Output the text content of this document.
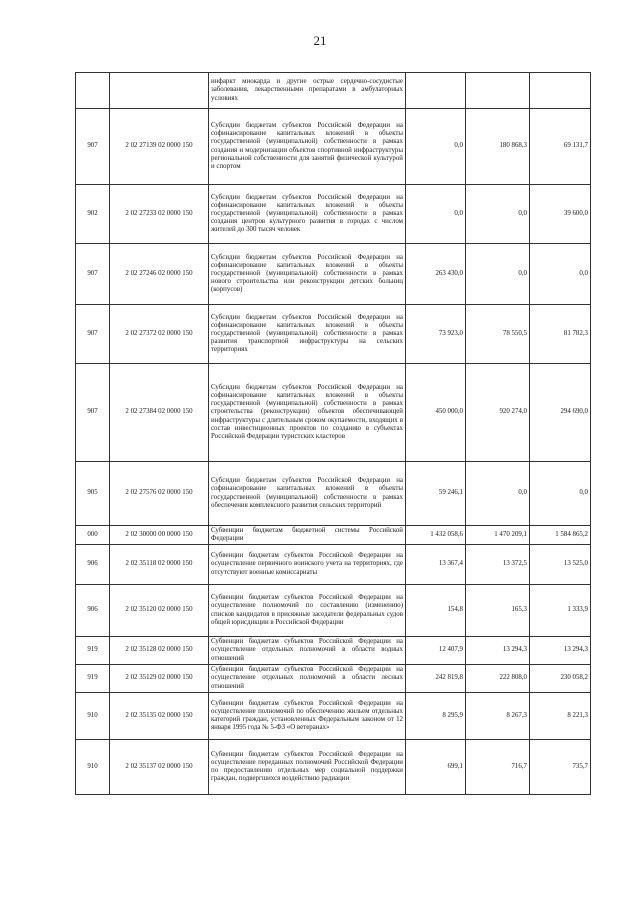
21
		инфаркт миокарда и другие острые сердечно-сосудистые заболевания, лекарственными препаратами в амбулаторных условиях			
907	2 02 27139 02 0000 150	Субсидии бюджетам субъектов Российской Федерации на софинансирование капитальных вложений в объекты государственной (муниципальной) собственности в рамках создания и модернизации объектов спортивной инфраструктуры региональной собственности для занятий физической культурой и спортом	0,0	180 868,3	69 131,7
902	2 02 27233 02 0000 150	Субсидии бюджетам субъектов Российской Федерации на софинансирование капитальных вложений в объекты государственной (муниципальной) собственности в рамках создания центров культурного развития в городах с числом жителей до 300 тысяч человек	0,0	0,0	39 600,0
907	2 02 27246 02 0000 150	Субсидии бюджетам субъектов Российской Федерации на софинансирование капитальных вложений в объекты государственной (муниципальной) собственности в рамках нового строительства или реконструкции детских больниц (корпусов)	263 430,0	0,0	0,0
907	2 02 27372 02 0000 150	Субсидии бюджетам субъектов Российской Федерации на софинансирование капитальных вложений в объекты государственной (муниципальной) собственности в рамках развития транспортной инфраструктуры на сельских территориях	73 923,0	78 550,5	81 782,3
907	2 02 27384 02 0000 150	Субсидии бюджетам субъектов Российской Федерации на софинансирование капитальных вложений в объекты государственной (муниципальной) собственности в рамках строительства (реконструкции) объектов обеспечивающей инфраструктуры с длительным сроком окупаемости, входящих в состав инвестиционных проектов по созданию в субъектах Российской Федерации туристских кластеров	450 000,0	920 274,0	294 690,0
905	2 02 27576 02 0000 150	Субсидии бюджетам субъектов Российской Федерации на софинансирование капитальных вложений в объекты государственной (муниципальной) собственности в рамках обеспечения комплексного развития сельских территорий	59 246,1	0,0	0,0
000	2 02 30000 00 0000 150	Субвенции бюджетам бюджетной системы Российской Федерации	1 432 058,6	1 470 209,1	1 584 865,2
906	2 02 35118 02 0000 150	Субвенции бюджетам субъектов Российской Федерации на осуществление первичного воинского учета на территориях, где отсутствуют военные комиссариаты	13 367,4	13 372,5	13 525,0
906	2 02 35120 02 0000 150	Субвенции бюджетам субъектов Российской Федерации на осуществление полномочий по составлению (изменению) списков кандидатов в присяжные заседатели федеральных судов общей юрисдикции в Российской Федерации	154,8	165,3	1 333,9
919	2 02 35128 02 0000 150	Субвенции бюджетам субъектов Российской Федерации на осуществление отдельных полномочий в области водных отношений	12 407,9	13 294,3	13 294,3
919	2 02 35129 02 0000 150	Субвенции бюджетам субъектов Российской Федерации на осуществление отдельных полномочий в области лесных отношений	242 819,8	222 808,0	230 058,2
910	2 02 35135 02 0000 150	Субвенции бюджетам субъектов Российской Федерации на осуществление полномочий по обеспечению жильем отдельных категорий граждан, установленных Федеральным законом от 12 января 1995 года № 5-ФЗ «О ветеранах»	8 295,9	8 267,3	8 221,3
910	2 02 35137 02 0000 150	Субвенции бюджетам субъектов Российской Федерации на осуществление переданных полномочий Российской Федерации по предоставлению отдельных мер социальной поддержки граждан, подвергшихся воздействию радиации	699,1	716,7	735,7
